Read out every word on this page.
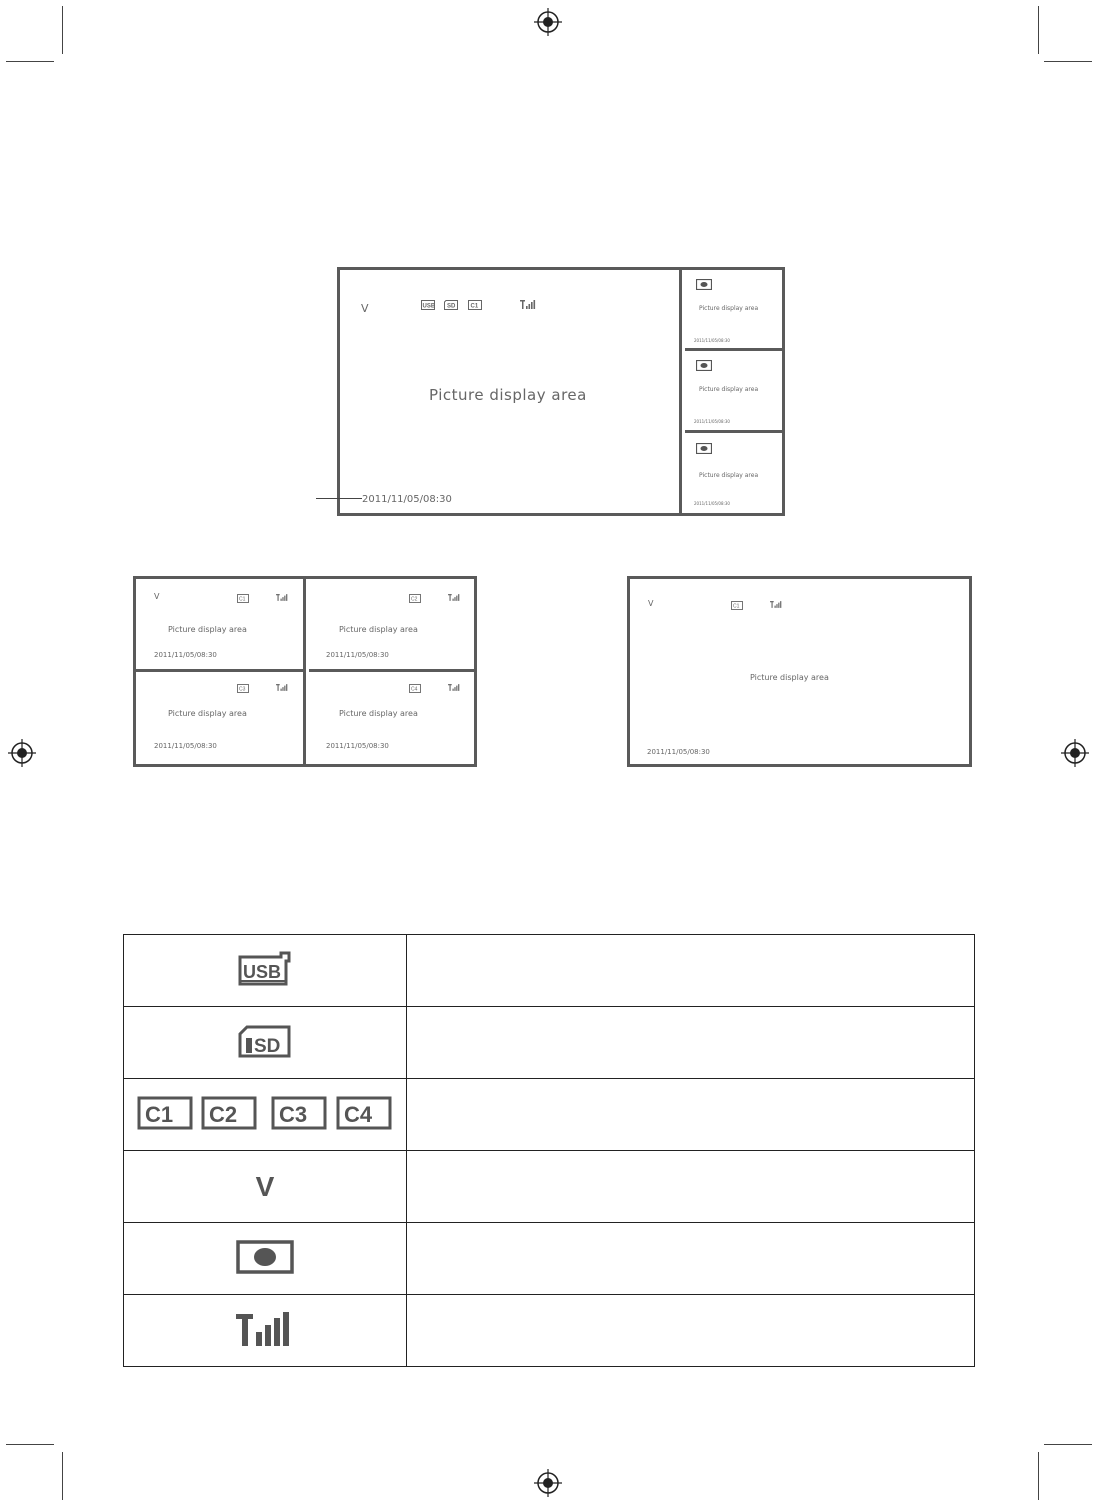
V	USB SD	C1
Picture display area
2011/11/05/08:30
Picture display area
2011/11/05/08:30
Picture display area
2011/11/05/08:30
Picture display area
2011/11/05/08:30
V	C1
Picture display area
2011/11/05/08:30
C2
Picture display area
2011/11/05/08:30
C3
Picture display area
2011/11/05/08:30
C4
Picture display area
2011/11/05/08:30
V	C1
Picture display area
2011/11/05/08:30
USB	

SD	

C1 C2 C3 C4	

V	
